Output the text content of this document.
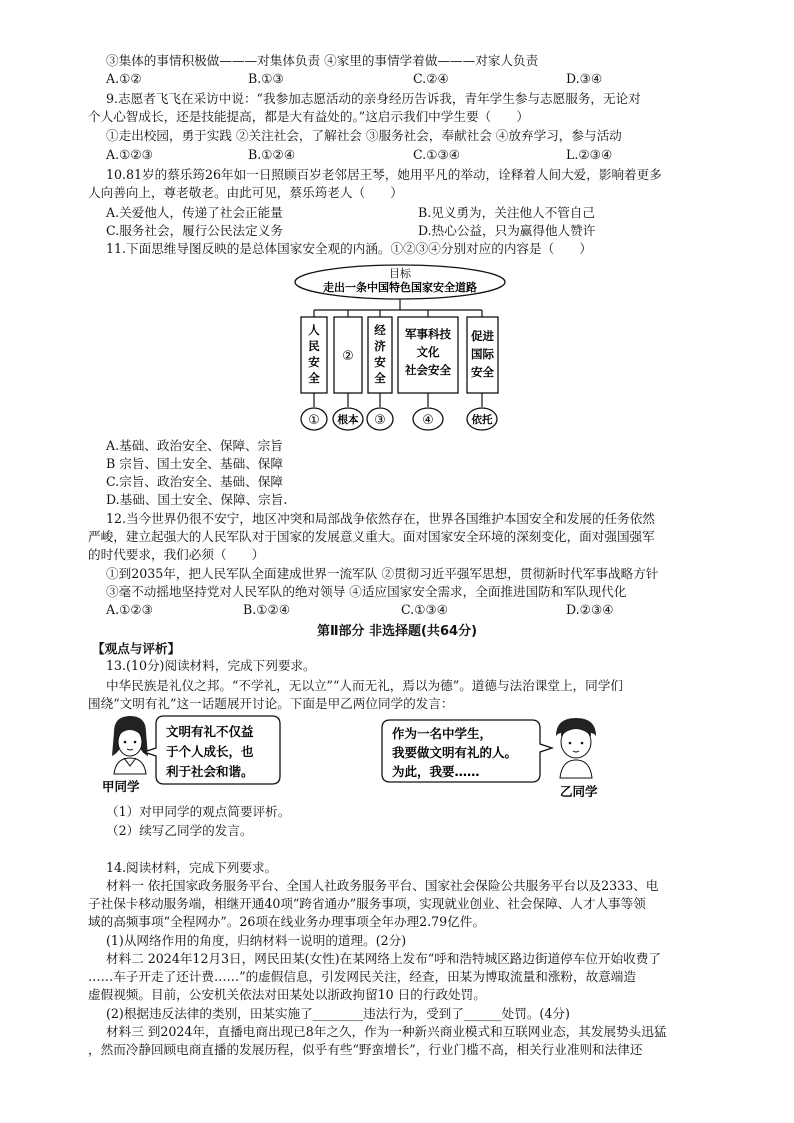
③集体的事情积极做———对集体负责 ④家里的事情学着做———对家人负责
A.①②	B.①③	C.②④	D.③④
9.志愿者飞飞在采访中说：“我参加志愿活动的亲身经历告诉我，青年学生参与志愿服务，无论对
个人心智成长，还是技能提高，都是大有益处的。”这启示我们中学生要（　　）
①走出校园，勇于实践 ②关注社会，了解社会 ③服务社会，奉献社会 ④放弃学习，参与活动
A.①②③	B.①②④	C.①③④	L.②③④
10.81岁的蔡乐筠26年如一日照顾百岁老邻居王琴，她用平凡的举动，诠释着人间大爱，影响着更多
人向善向上，尊老敬老。由此可见，蔡乐筠老人（　　）
A.关爱他人，传递了社会正能量	B.见义勇为，关注他人不管自己
C.服务社会，履行公民法定义务	D.热心公益，只为赢得他人赞许
11.下面思维导图反映的是总体国家安全观的内涵。①②③④分别对应的内容是（　　）
目标
走出一条中国特色国家安全道路
人
民
安
全
②
经
济
安
全
军事科技
文化
社会安全
促进
国际
安全
① 根本 ③	④	依托
A.基础、政治安全、保障、宗旨
B 宗旨、国土安全、基础、保障
C.宗旨、政治安全、基础、保障
D.基础、国土安全、保障、宗旨.
12.当今世界仍很不安宁，地区冲突和局部战争依然存在，世界各国维护本国安全和发展的任务依然
严峻，建立起强大的人民军队对于国家的发展意义重大。面对国家安全环境的深刻变化，面对强国强军
的时代要求，我们必须（　　）
①到2035年，把人民军队全面建成世界一流军队 ②贯彻习近平强军思想，贯彻新时代军事战略方针
③毫不动摇地坚持党对人民军队的绝对领导 ④适应国家安全需求，全面推进国防和军队现代化
A.①②③	B.①②④	C.①③④	D.②③④
第Ⅱ部分 非选择题(共64分)
【观点与评析】
13.(10分)阅读材料，完成下列要求。
中华民族是礼仪之邦。“不学礼，无以立”“人而无礼，焉以为德”。道德与法治课堂上，同学们
围绕“文明有礼”这一话题展开讨论。下面是甲乙两位同学的发言：
甲同学
文明有礼不仅益
于个人成长，也
利于社会和谐。
作为一名中学生，
我要做文明有礼的人。
为此，我要……
乙同学
（1）对甲同学的观点简要评析。
（2）续写乙同学的发言。
14.阅读材料，完成下列要求。
材料一 依托国家政务服务平台、全国人社政务服务平台、国家社会保险公共服务平台以及2333、电
子社保卡移动服务端，相继开通40项“跨省通办”服务事项，实现就业创业、社会保障、人才人事等领
域的高频事项“全程网办”。26项在线业务办理事项全年办理2.79亿件。
(1)从网络作用的角度，归纳材料一说明的道理。(2分)
材料二 2024年12月3日，网民田某(女性)在某网络上发布“呼和浩特城区路边街道停车位开始收费了
……车子开走了还计费……”的虚假信息，引发网民关注，经查，田某为博取流量和涨粉，故意端造
虚假视频。目前，公安机关依法对田某处以浙政拘留10 日的行政处罚。
(2)根据违反法律的类别，田某实施了________违法行为，受到了______处罚。(4分)
材料三 到2024年，直播电商出现已8年之久，作为一种新兴商业模式和互联网业态，其发展势头迅猛
，然而冷静回顾电商直播的发展历程，似乎有些“野蛮增长”，行业门槛不高，相关行业准则和法律还
